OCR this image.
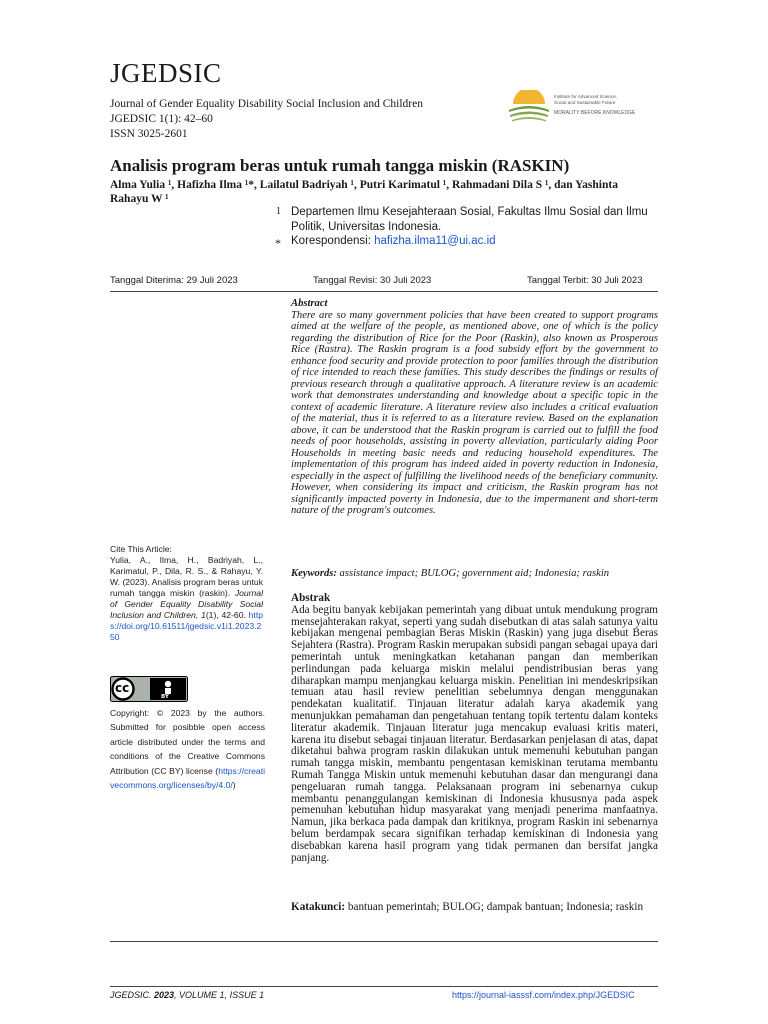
JGEDSIC
Journal of Gender Equality Disability Social Inclusion and Children
JGEDSIC 1(1): 42–60
ISSN 3025-2601
Institute for Advanced Science,
Social and Sustainable Future
MORALITY BEFORE KNOWLEDGE
Analisis program beras untuk rumah tangga miskin (RASKIN)
Alma Yulia ¹, Hafizha Ilma ¹*, Lailatul Badriyah ¹, Putri Karimatul ¹, Rahmadani Dila S ¹, dan Yashinta Rahayu W ¹
1 Departemen Ilmu Kesejahteraan Sosial, Fakultas Ilmu Sosial dan Ilmu Politik, Universitas Indonesia.
* Korespondensi: hafizha.ilma11@ui.ac.id
Tanggal Diterima: 29 Juli 2023	Tanggal Revisi: 30 Juli 2023	Tanggal Terbit: 30 Juli 2023
Cite This Article:
Yulia, A., Ilma, H., Badriyah, L., Karimatul, P., Dila, R. S., & Rahayu, Y. W. (2023). Analisis program beras untuk rumah tangga miskin (raskin). Journal of Gender Equality Disability Social Inclusion and Children, 1(1), 42-60. https://doi.org/10.61511/jgedsic.v1i1.2023.250
cc
BY
Copyright: © 2023 by the authors. Submitted for posibble open access article distributed under the terms and conditions of the Creative Commons Attribution (CC BY) license (https://creativecommons.org/licenses/by/4.0/)
Abstract
There are so many government policies that have been created to support programs aimed at the welfare of the people, as mentioned above, one of which is the policy regarding the distribution of Rice for the Poor (Raskin), also known as Prosperous Rice (Rastra). The Raskin program is a food subsidy effort by the government to enhance food security and provide protection to poor families through the distribution of rice intended to reach these families. This study describes the findings or results of previous research through a qualitative approach. A literature review is an academic work that demonstrates understanding and knowledge about a specific topic in the context of academic literature. A literature review also includes a critical evaluation of the material, thus it is referred to as a literature review. Based on the explanation above, it can be understood that the Raskin program is carried out to fulfill the food needs of poor households, assisting in poverty alleviation, particularly aiding Poor Households in meeting basic needs and reducing household expenditures. The implementation of this program has indeed aided in poverty reduction in Indonesia, especially in the aspect of fulfilling the livelihood needs of the beneficiary community. However, when considering its impact and criticism, the Raskin program has not significantly impacted poverty in Indonesia, due to the impermanent and short-term nature of the program's outcomes.
Keywords: assistance impact; BULOG; government aid; Indonesia; raskin
Abstrak
Ada begitu banyak kebijakan pemerintah yang dibuat untuk mendukung program mensejahterakan rakyat, seperti yang sudah disebutkan di atas salah satunya yaitu kebijakan mengenai pembagian Beras Miskin (Raskin) yang juga disebut Beras Sejahtera (Rastra). Program Raskin merupakan subsidi pangan sebagai upaya dari pemerintah untuk meningkatkan ketahanan pangan dan memberikan perlindungan pada keluarga miskin melalui pendistribusian beras yang diharapkan mampu menjangkau keluarga miskin. Penelitian ini mendeskripsikan temuan atau hasil review penelitian sebelumnya dengan menggunakan pendekatan kualitatif. Tinjauan literatur adalah karya akademik yang menunjukkan pemahaman dan pengetahuan tentang topik tertentu dalam konteks literatur akademik. Tinjauan literatur juga mencakup evaluasi kritis materi, karena itu disebut sebagai tinjauan literatur. Berdasarkan penjelasan di atas, dapat diketahui bahwa program raskin dilakukan untuk memenuhi kebutuhan pangan rumah tangga miskin, membantu pengentasan kemiskinan terutama membantu Rumah Tangga Miskin untuk memenuhi kebutuhan dasar dan mengurangi dana pengeluaran rumah tangga. Pelaksanaan program ini sebenarnya cukup membantu penanggulangan kemiskinan di Indonesia khususnya pada aspek pemenuhan kebutuhan hidup masyarakat yang menjadi penerima manfaatnya. Namun, jika berkaca pada dampak dan kritiknya, program Raskin ini sebenarnya belum berdampak secara signifikan terhadap kemiskinan di Indonesia yang disebabkan karena hasil program yang tidak permanen dan bersifat jangka panjang.
Katakunci: bantuan pemerintah; BULOG; dampak bantuan; Indonesia; raskin
JGEDSIC. 2023, VOLUME 1, ISSUE 1	https://journal-iasssf.com/index.php/JGEDSIC
